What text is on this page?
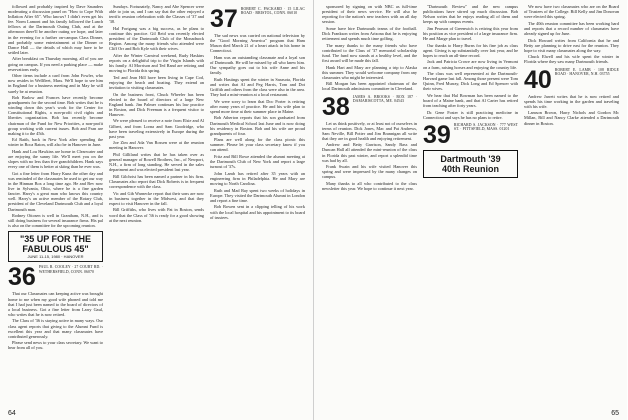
followed and probably inspired by Dave Saunders moderating a discussion panel on "How to Cope With Inflation After 65". Who knows? I didn't even get his fee. Norm Lamont and his family followed the Lunch fellows at the Dartmouth Outing Club, and at the afternoon there'll be another outing we hope, and later in the evening for a further on-campus Class Dinner, and probably some entertainment at the Dinner or Dance Hall — the details of which may have to be settled later.

After breakfast on Thursday morning, all of you are going on campus. If you need a parking place — make reservations early.

Other items include a card from John Fowler, who now resides in Wellfleet, Mass. We'll hope to see him in England for a business meeting and in May he will surely be at reunion.

Bob Barlow and Frances have recently become grandparents for the second time. Bob writes that he is winding down this year's work for the Center for Constitutional Rights, a non-profit civil rights and liberties organization. Bob has recently become chairman of the Fund for New Priorities, a non-profit group working with current issues. Bob and Fran are making it to the 45th.

Ed Raith, back in New York after spending the winter in Boca Raton, will also be in Hanover in June.

Hank and Lou Hawkins are home in Clearwater and are enjoying the sunny life. We'll meet you on the slopes with no less than five grandchildren. Hank says every one of them is better at skiing than he ever was.

Got a fine letter from Harry Kunz the other day and was reminded of the classmates he used to get our way in the Hinman Box a long time ago. He and Bev now live in Sylvania, Ohio, where he is a fine garden fancier. Harry's a great man who knows this country well. Harry's an active member of the Rotary Club, president of the Cleveland Dartmouth Club and a loyal Dartmouth man.

Rodney Ottosen is well in Grantham, N.H., and is still doing business for several insurance firms. His pal is also on the committee for the upcoming reunion.

"35 UP FOR THE FABULOUS 45"
JUNE 11-15, 1980 · HANOVER
36 PAUL R. COOLEY · 27 COURT RD. · WETHERSFIELD, CONN. 06070

That our Classmates can keeping active was brought home to me when my good wife phoned and told me that I had just been named to the board of directors of a local business. Got a fine letter from Larry Gaul, who writes that he is now retired.

The Class of '36 is staying active in many ways. Our class agent reports that giving to the Alumni Fund is excellent this year and that many classmates have contributed generously.

Please send news to your class secretary. We want to hear from all of you.

Sundays. Fortunately, Nancy and Abe Spencer were able to join us, and I can say that the other enjoyed a terrific reunion celebration with the Classes of '37 and '38.

Hal Fortgang was a big success, as he plans to continue this practice. Gil Reid was recently elected president of the Dartmouth Club of the Monadnock Region. Among the many friends who attended were Cliff Orr and Bob Kyle with their wives.

After the Winter Carnival weekend, Rudy Haskins reports on a delightful trip to the Virgin Islands with his family. Al Morrison and Ted Rand are retiring and moving to Florida this spring.

Ted and Jean Hill have been living in Cape Cod, enjoying the beach and boating. They extend an invitation to visiting classmates.

On the business front, Chuck Wheeler has been elected to the board of directors of a large New England bank. Jim Palmer continues his law practice in Boston, and Dick Freeman is a frequent visitor to Hanover.

We were pleased to receive a note from Elsie and Al Gilbert, and from Lorna and Sam Goodridge, who have been traveling extensively in Europe during the past year.

Joe Zim and Ada Van Rossen were at the reunion meeting in Hanover.

Phil Gilliland writes that he has taken over as general manager of Rowell Brothers, Inc., of Newport, N.H., a firm of long standing. He served in the sales department and was elected president last year.

Bill Gilchrist has been named a partner in his firm. Classmates also report that Dick Roberts is in frequent correspondence with the class.

Vic and Gib Warnecke report that their sons are now in business together in the Midwest, and that they expect to visit Hanover in the fall.

Bill Griffiths, who lives with Pat in Boston, sends word that the Class of '36 is ready for a good showing at the next reunion.

37 ROBERT C. PACKARD · 15 LILAC ROAD · BRISTOL, CONN. 06010

The sad news was carried on national television by the "Good Morning America" program that Ham Mason died March 21 of a heart attack in his home in Connecticut.

Ham was an outstanding classmate and a loyal son of Dartmouth. He will be missed by all who knew him. Our sympathy goes out to his wife Anne and his family.

Ruth Hastings spent the winter in Sarasota, Florida and writes that Al and Peg Harris, Tom and Dot Griffith and others from the class were also in the area. They had a mini-reunion at a local restaurant.

We were sorry to learn that Doc Porter is retiring after many years of practice. He and his wife plan to spend more time at their summer place in Maine.

Bob Atherton reports that his son graduated from Dartmouth Medical School last June and is now doing his residency in Boston. Bob and his wife are proud grandparents of four.

Plans are well along for the class picnic this summer. Please let your class secretary know if you can attend.

Fritz and Bill Rowe attended the alumni meeting at the Dartmouth Club of New York and report a large turnout of '37s.

John Lamb has retired after 35 years with an engineering firm in Philadelphia. He and Mary are moving to North Carolina.

Ruth and Mad Ray spent two weeks of holidays in Europe. They visited the Dartmouth Alumni in London and report a fine time.

Bob Bowen sent in a clipping telling of his work with the local hospital and his appointment to its board of trustees.

64

sponsored by signing on with NBC as full-time president of their news service. He will also be reporting for the nation's new teachers with an all day session.

Some have hire Dartmouth teams of the football. Dick Frankson writes from Arizona that he is enjoying retirement and spends much time golfing.

The many thanks to the many friends who have contributed to the Class of '37 memorial scholarship fund. The fund now stands at a healthy level, and the first award will be made this fall.

Hank Hart and Mary are planning a trip to Alaska this summer. They would welcome company from any classmates who might be interested.

Bill Morgan has been appointed chairman of the local Dartmouth admissions committee in Cleveland.

38 JAMES A. BROOKS · BOX 187 · DAMARISCOTTA, ME. 04543

Let us think positively, or at least not of ourselves in terms of reunion. Dick Jones, Mac and Pat Andrews, Sam Neville, Bill Potter and Jim Brannigan all write that they are in good health and enjoying retirement.

Andrew and Betty Garrison, Sandy Bass and Duncan Hall all attended the mini-reunion of the class in Florida this past winter, and report a splendid time was had by all.

Frank Swain and his wife visited Hanover this spring and were impressed by the many changes on campus.

Many thanks to all who contributed to the class newsletter this year. We hope to continue it next year.

"Dartmouth Review" and the new campus publications have stirred up much discussion. Bob Nelson writes that he enjoys reading all of them and keeps up with campus events.

Jim Pearson of Greenwich is retiring this year from his position as vice president of a large insurance firm. He and Marge plan to travel.

Our thanks to Harry Burns for his fine job as class agent. Giving is up substantially over last year, and he hopes to reach an all-time record.

Jack and Patricia Crowe are now living in Vermont on a farm, raising horses and enjoying the country life.

The class was well represented at the Dartmouth-Harvard game last fall. Among those present were Tom Quinn, Fred Murray, Dick Long and Ed Spencer with their wives.

We hear that Hal Bowman has been named to the board of a Maine bank, and that Al Carter has retired from teaching after forty years.

Dr. Gene Foster is still practicing medicine in Connecticut and says he has no plans to retire.

39 RICHARD S. JACKSON · 777 WEST ST. · PITTSFIELD, MASS. 01201
Dartmouth '39
40th Reunion

We now have two classmates who are on the Board of Trustees of the College. Bill Kelly and Jim Donovan were elected this spring.

The 40th reunion committee has been working hard and reports that a record number of classmates have already signed up for June.

Dick Howard writes from California that he and Betty are planning to drive east for the reunion. They hope to visit many classmates along the way.

Chuck Elwell and his wife spent the winter in Florida where they saw many Dartmouth friends.

40 ROBERT E. LAMB · 108 RIDGE ROAD · HANOVER, N.H. 03755

Andrew Jarrett writes that he is now retired and spends his time working in the garden and traveling with his wife.

Lamson Brown, Harry Nichols and Gordon Mc Millan, Bill and Nancy Clarke attended a Dartmouth dinner in Boston.

65
